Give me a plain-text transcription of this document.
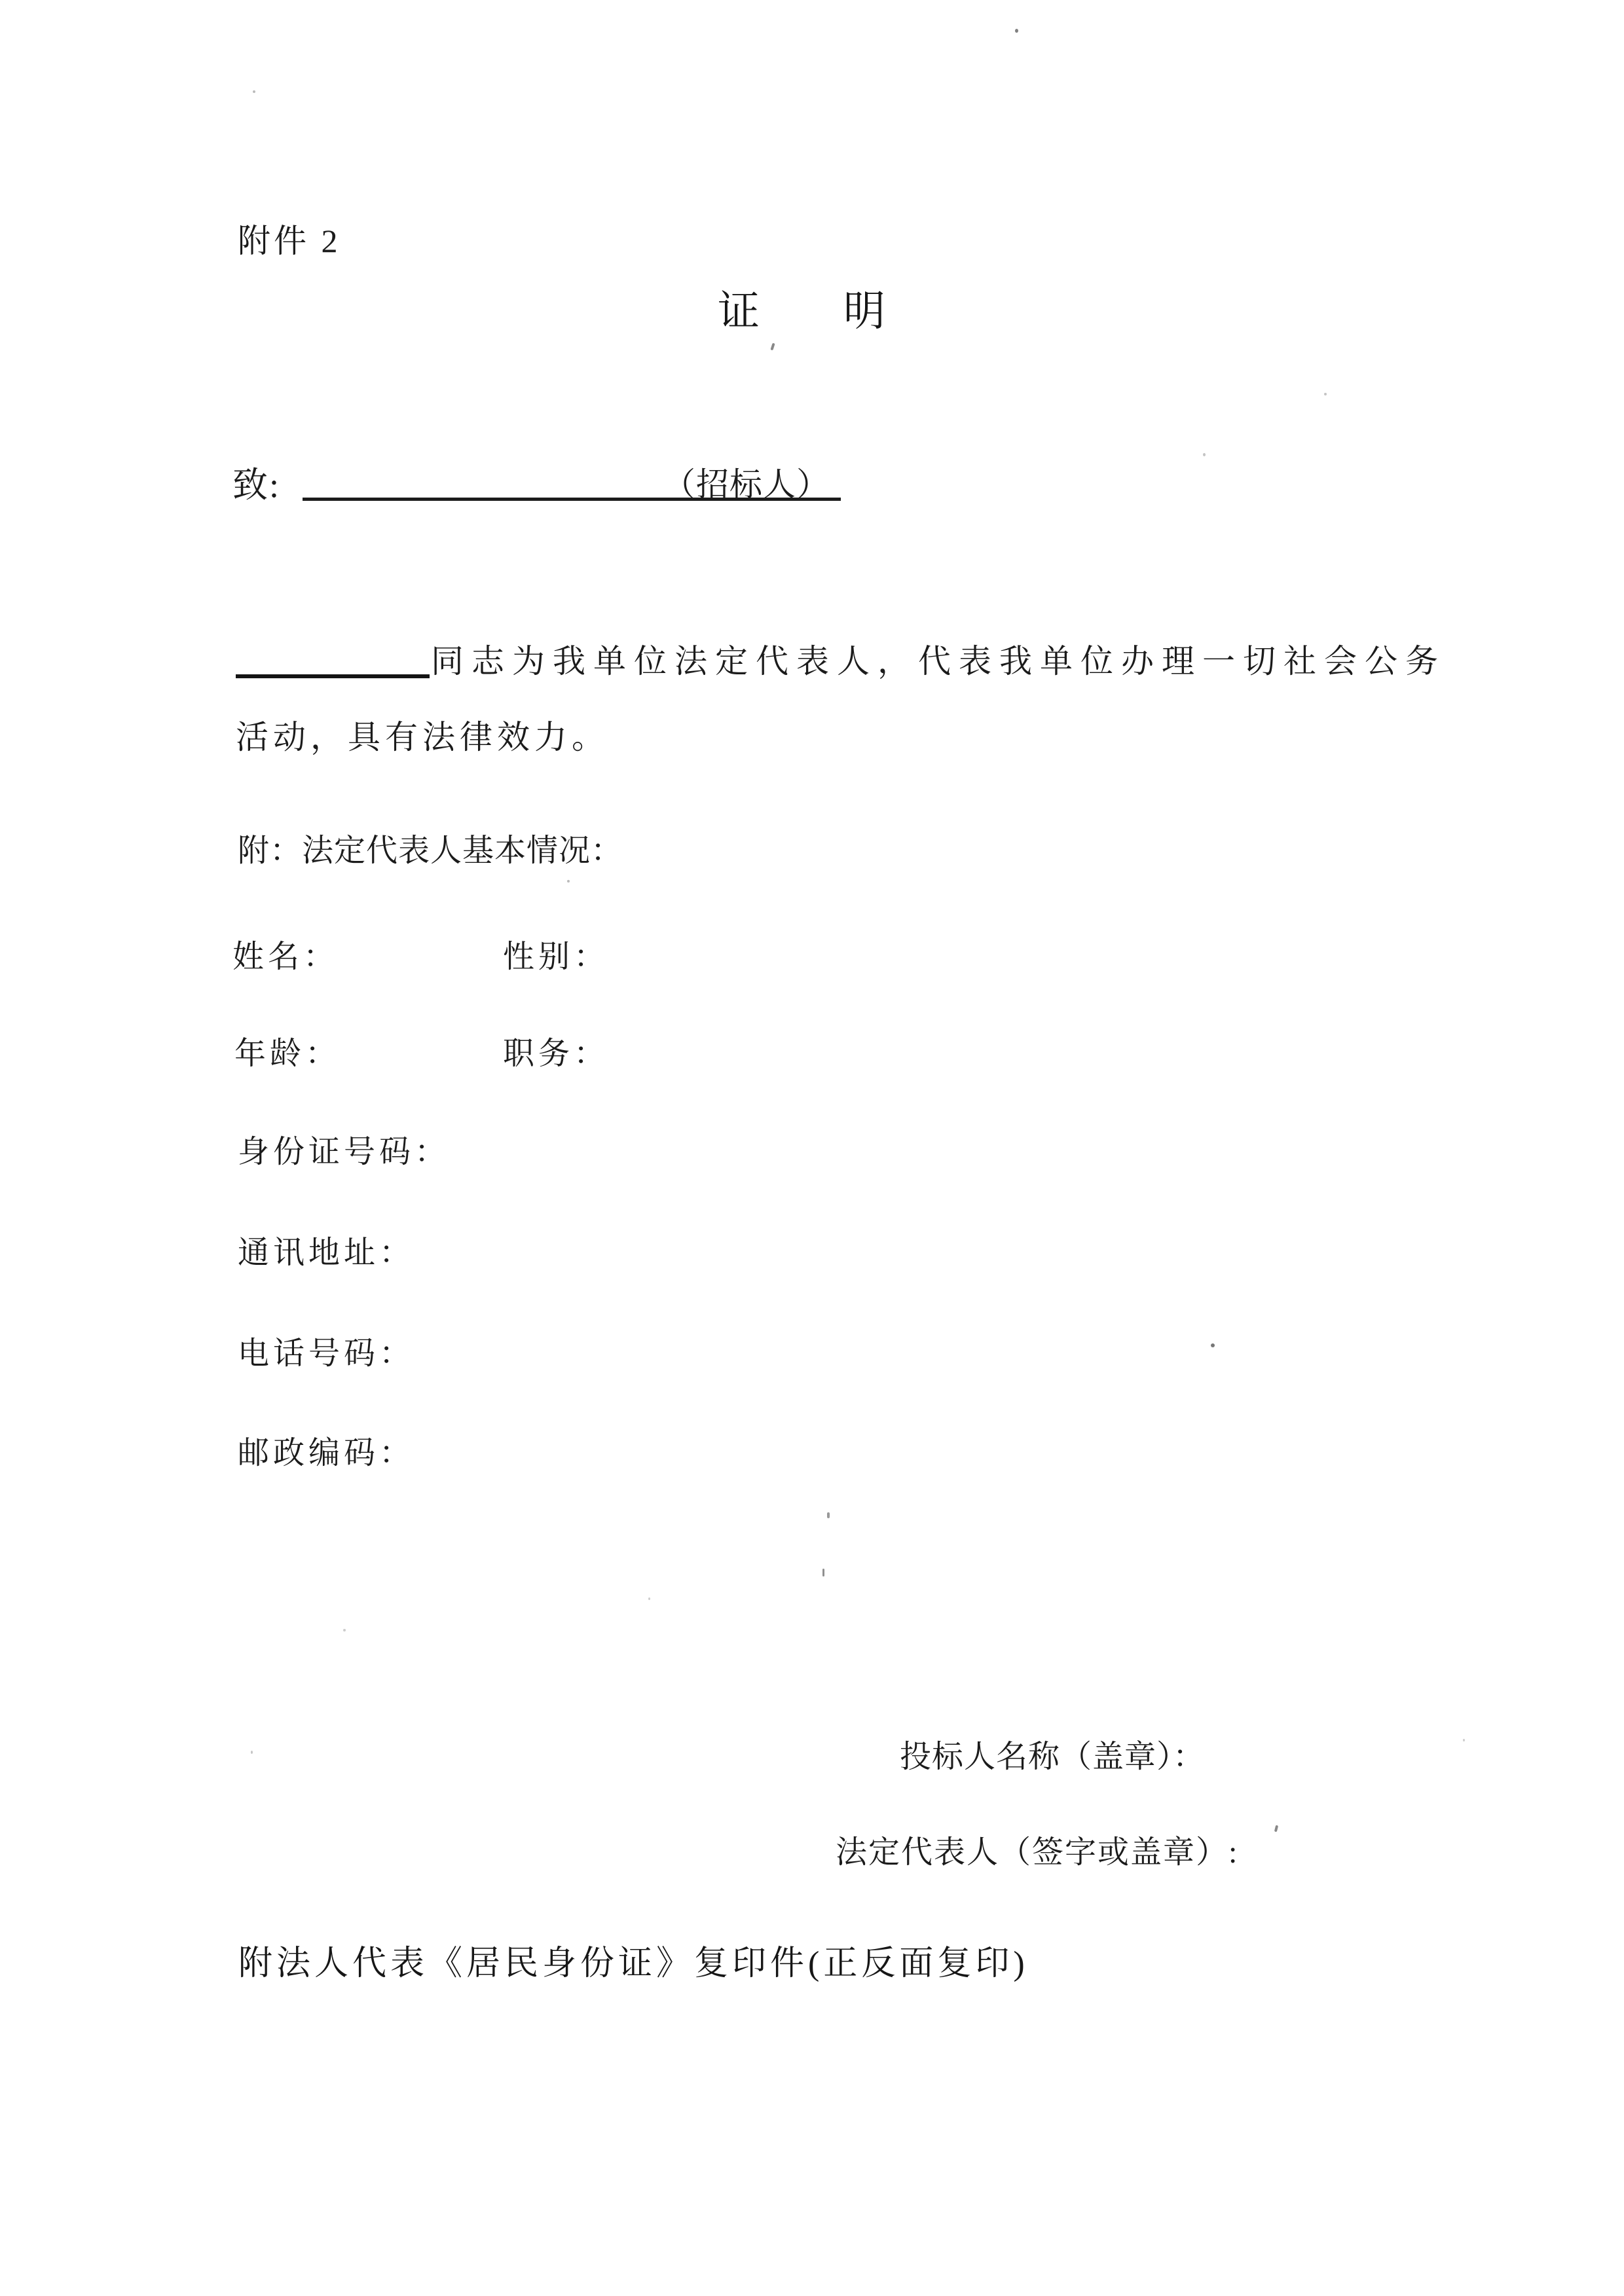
附件 2
证　　明
致:	（招标人）
同志为我单位法定代表人，代表我单位办理一切社会公务
活动，具有法律效力。
附：法定代表人基本情况：
姓名：	性别：
年龄：	职务：
身份证号码：
通讯地址：
电话号码：
邮政编码：
投标人名称（盖章）：
法定代表人（签字或盖章）:
附法人代表《居民身份证》复印件(正反面复印)
